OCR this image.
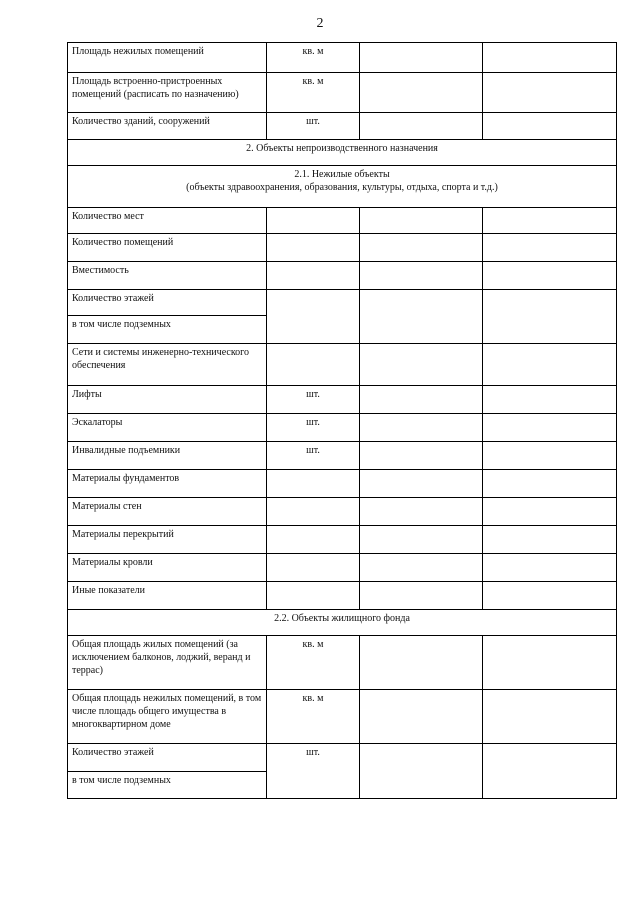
2
Площадь нежилых помещений	кв. м		
Площадь встроенно-пристроенных помещений (расписать по назначению)	кв. м		
Количество зданий, сооружений	шт.		
2. Объекты непроизводственного назначения			

2.1. Нежилые объекты
(объекты здравоохранения, образования, культуры, отдыха, спорта и т.д.)			

Количество мест			
Количество помещений			
Вместимость			
Количество этажей			
в том числе подземных			
Сети и системы инженерно-технического обеспечения			
Лифты	шт.		
Эскалаторы	шт.		
Инвалидные подъемники	шт.		
Материалы фундаментов			
Материалы стен			
Материалы перекрытий			
Материалы кровли			
Иные показатели			
2.2. Объекты жилищного фонда			
Общая площадь жилых помещений (за исключением балконов, лоджий, веранд и террас)	кв. м		
Общая площадь нежилых помещений, в том числе площадь общего имущества в многоквартирном доме	кв. м		
Количество этажей	шт.		
в том числе подземных			
